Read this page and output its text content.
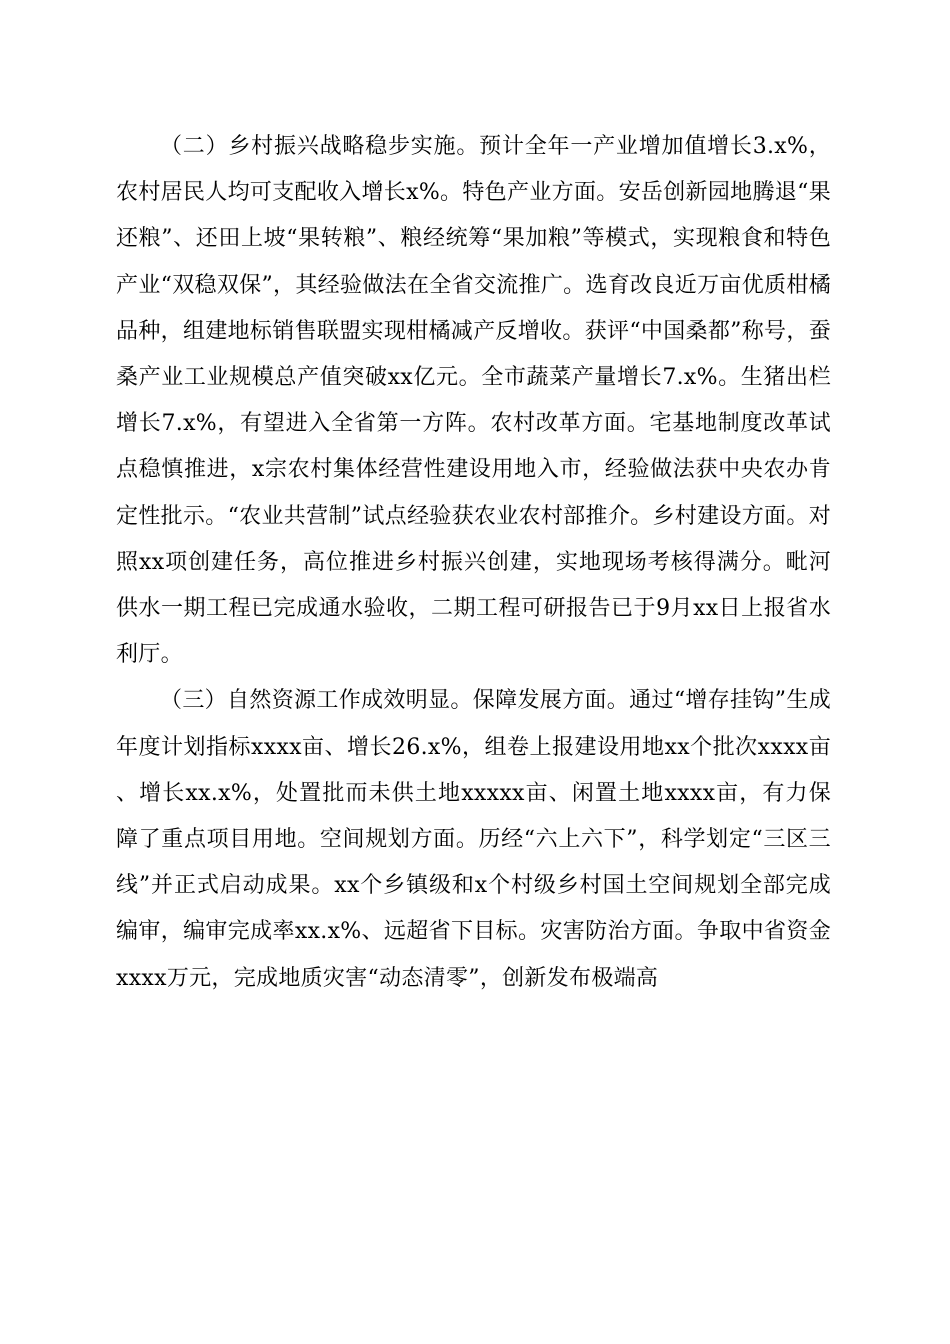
（二）乡村振兴战略稳步实施。预计全年一产业增加值增长3.x%，农村居民人均可支配收入增长x%。特色产业方面。安岳创新园地腾退“果还粮”、还田上坡“果转粮”、粮经统筹“果加粮”等模式，实现粮食和特色产业“双稳双保”，其经验做法在全省交流推广。选育改良近万亩优质柑橘品种，组建地标销售联盟实现柑橘减产反增收。获评“中国桑都”称号，蚕桑产业工业规模总产值突破xx亿元。全市蔬菜产量增长7.x%。生猪出栏增长7.x%，有望进入全省第一方阵。农村改革方面。宅基地制度改革试点稳慎推进，x宗农村集体经营性建设用地入市，经验做法获中央农办肯定性批示。“农业共营制”试点经验获农业农村部推介。乡村建设方面。对照xx项创建任务，高位推进乡村振兴创建，实地现场考核得满分。毗河供水一期工程已完成通水验收，二期工程可研报告已于9月xx日上报省水利厅。

（三）自然资源工作成效明显。保障发展方面。通过“增存挂钩”生成年度计划指标xxxx亩、增长26.x%，组卷上报建设用地xx个批次xxxx亩、增长xx.x%，处置批而未供土地xxxxx亩、闲置土地xxxx亩，有力保障了重点项目用地。空间规划方面。历经“六上六下”，科学划定“三区三线”并正式启动成果。xx个乡镇级和x个村级乡村国土空间规划全部完成编审，编审完成率xx.x%、远超省下目标。灾害防治方面。争取中省资金xxxx万元，完成地质灾害“动态清零”，创新发布极端高
